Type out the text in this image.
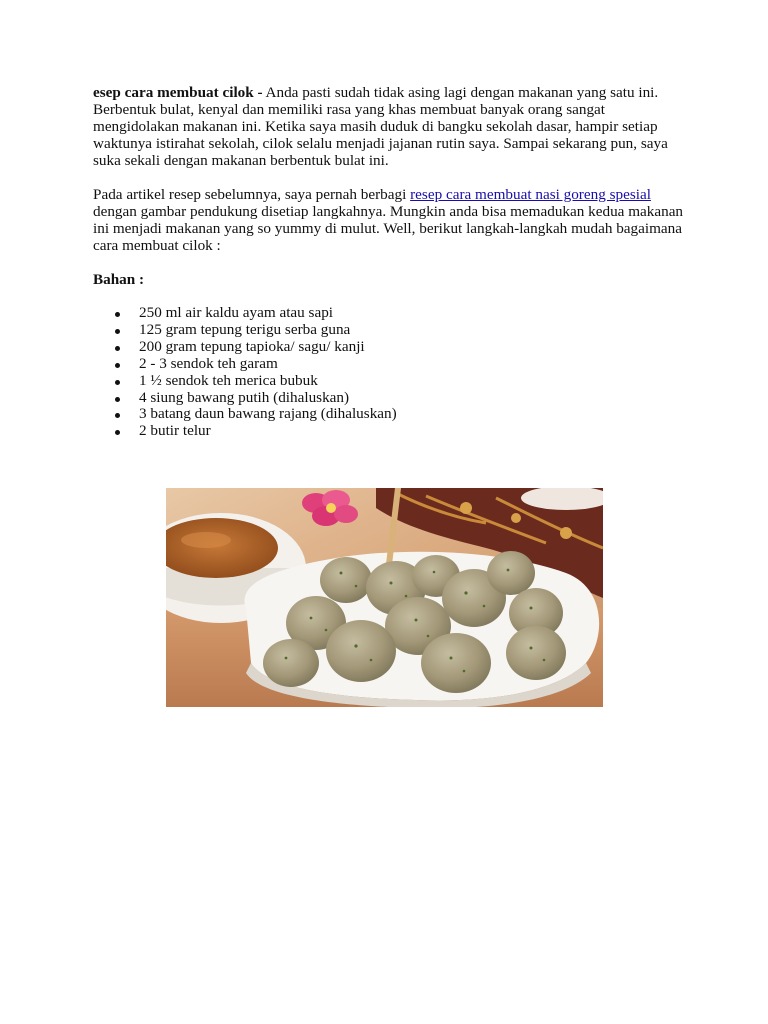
esep cara membuat cilok - Anda pasti sudah tidak asing lagi dengan makanan yang satu ini. Berbentuk bulat, kenyal dan memiliki rasa yang khas membuat banyak orang sangat mengidolakan makanan ini. Ketika saya masih duduk di bangku sekolah dasar, hampir setiap waktunya istirahat sekolah, cilok selalu menjadi jajanan rutin saya. Sampai sekarang pun, saya suka sekali dengan makanan berbentuk bulat ini.

Pada artikel resep sebelumnya, saya pernah berbagi resep cara membuat nasi goreng spesial dengan gambar pendukung disetiap langkahnya. Mungkin anda bisa memadukan kedua makanan ini menjadi makanan yang so yummy di mulut. Well, berikut langkah-langkah mudah bagaimana cara membuat cilok :

Bahan :

250 ml air kaldu ayam atau sapi
125 gram tepung terigu serba guna
200 gram tepung tapioka/ sagu/ kanji
2 - 3 sendok teh garam
1 ½ sendok teh merica bubuk
4 siung bawang putih (dihaluskan)
3 batang daun bawang rajang (dihaluskan)
2 butir telur
